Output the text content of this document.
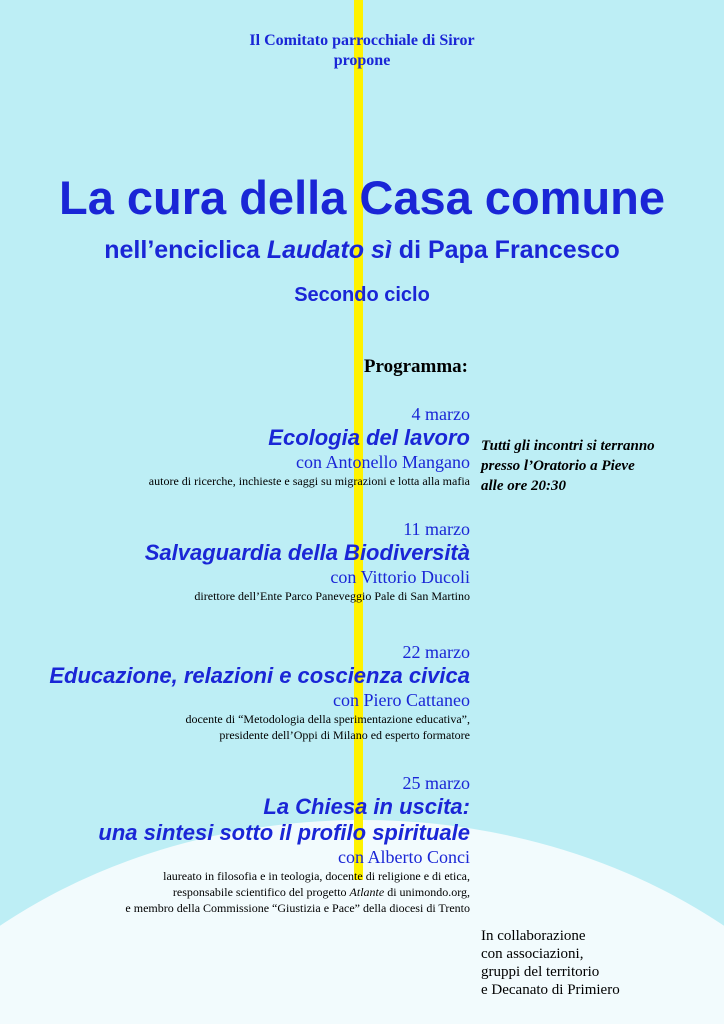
Il Comitato parrocchiale di Siror
propone
La cura della Casa comune
nell’enciclica Laudato sì di Papa Francesco
Secondo ciclo
Programma:
4 marzo
Ecologia del lavoro
con Antonello Mangano
autore di ricerche, inchieste e saggi su migrazioni e lotta alla mafia
11 marzo
Salvaguardia della Biodiversità
con Vittorio Ducoli
direttore dell’Ente Parco Paneveggio Pale di San Martino
22 marzo
Educazione, relazioni e coscienza civica
con Piero Cattaneo
docente di “Metodologia della sperimentazione educativa”,
presidente dell’Oppi di Milano ed esperto formatore
25 marzo
La Chiesa in uscita:
una sintesi sotto il profilo spirituale
con Alberto Conci
laureato in filosofia e in teologia, docente di religione e di etica,
responsabile scientifico del progetto Atlante di unimondo.org,
e membro della Commissione “Giustizia e Pace” della diocesi di Trento
Tutti gli incontri si terranno
presso l’Oratorio a Pieve
alle ore 20:30
In collaborazione
con associazioni,
gruppi del territorio
e Decanato di Primiero
